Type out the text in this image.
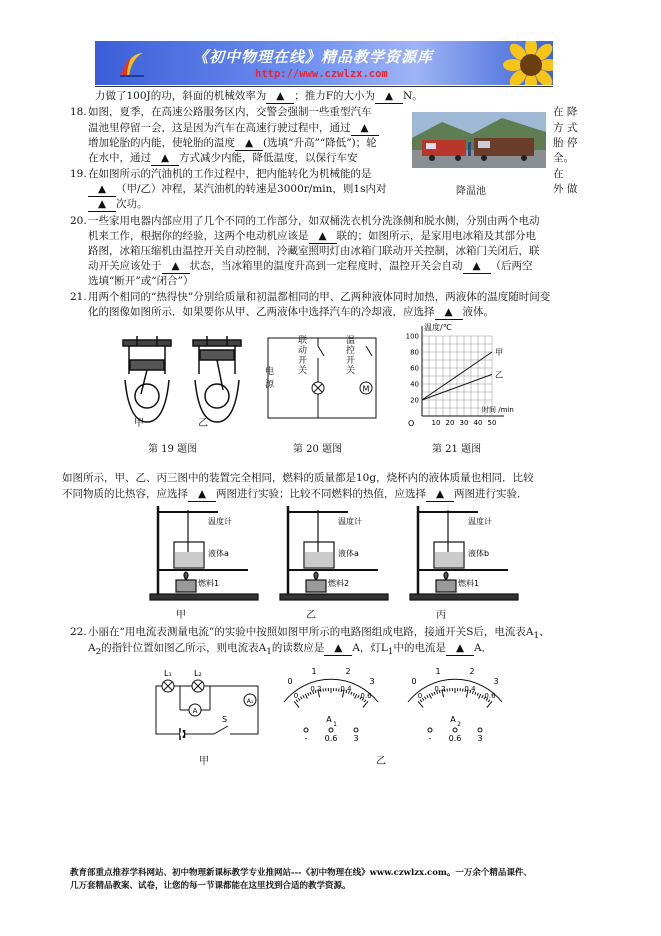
《初中物理在线》精品教学资源库
http://www.czwlzx.com
力做了100J的功，斜面的机械效率为 ▲ ；推力F的大小为 ▲ N。
18. 如图，夏季，在高速公路服务区内，交警会强制一些重型汽车	在 降
温池里停留一会，这是因为汽车在高速行驶过程中，通过 ▲	方 式
增加轮胎的内能，使轮胎的温度 ▲ (选填“升高”“降低”)；轮	胎 停
在水中，通过 ▲ 方式减少内能，降低温度，以保行车安	全。
降温池
19. 在如图所示的汽油机的工作过程中，把内能转化为机械能的是	在
▲ （甲/乙）冲程，某汽油机的转速是3000r/min，则1s内对	外 做
▲ 次功。
20. 一些家用电器内部应用了几个不同的工作部分，如双桶洗衣机分洗涤侧和脱水侧，分别由两个电动
机来工作，根据你的经验，这两个电动机应该是 ▲ 联的；如图所示，是家用电冰箱及其部分电
路图，冰箱压缩机由温控开关自动控制，冷藏室照明灯由冰箱门联动开关控制，冰箱门关闭后，联
动开关应该处于 ▲ 状态，当冰箱里的温度升高到一定程度时，温控开关会自动 ▲ （后两空
选填“断开”或“闭合”）
21. 用两个相同的“热得快”分别给质量和初温都相同的甲、乙两种液体同时加热，两液体的温度随时间变
化的图像如图所示．如果要你从甲、乙两液体中选择汽车的冷却液，应选择 ▲ 液体。
甲	乙
第 19 题图
M
电源
联动开关
温控开关
第 20 题图
10 20 30 40 50
20
40
60
80
100
甲
乙
温度/℃
时间 /min
O
第 21 题图
如图所示，甲、乙、丙三图中的装置完全相同，燃料的质量都是10g，烧杯内的液体质量也相同．比较
不同物质的比热容，应选择 ▲ 两图进行实验；比较不同燃料的热值，应选择 ▲ 两图进行实验．
温度计
液体a
燃料1
甲
温度计
液体a
燃料2
乙
温度计
液体b
燃料1
丙
22. 小丽在“用电流表测量电流”的实验中按照如图甲所示的电路图组成电路，接通开关S后，电流表$A_1$、
$A_2$的指针位置如图乙所示，则电流表$A_1$的读数应是 ▲ A，灯$L_1$中的电流是 ▲ A．
L₁	L₂
A
A₁
S
甲
0
1	2
3
0
0.2	0.4
0.6
A
1
- 0.6 3
0
1	2
3
0
0.2	0.4
0.6
A
2
- 0.6 3
乙
教育部重点推荐学科网站、初中物理新课标教学专业推网站---《初中物理在线》www.czwlzx.com。一万余个精品课件、
几万套精品教案、试卷，让您的每一节课都能在这里找到合适的教学资源。
